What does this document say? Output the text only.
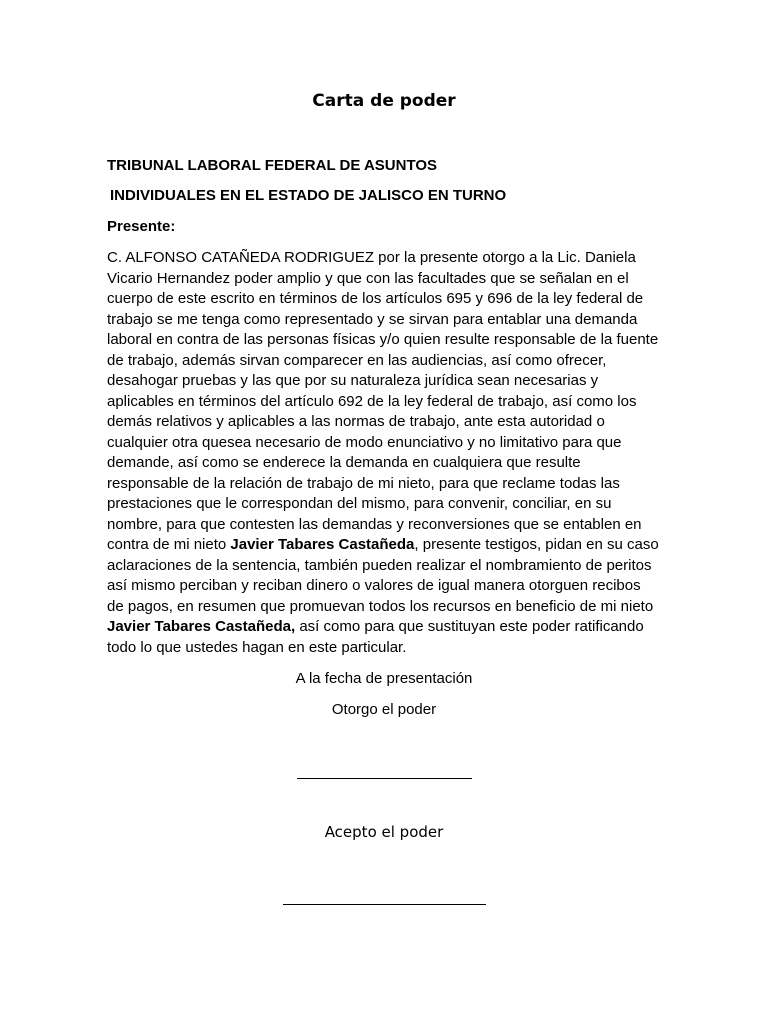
Carta de poder
TRIBUNAL LABORAL FEDERAL DE ASUNTOS
INDIVIDUALES EN EL ESTADO DE JALISCO EN TURNO
Presente:
C. ALFONSO CATAÑEDA RODRIGUEZ por la presente otorgo a la Lic. Daniela
Vicario Hernandez poder amplio y que con las facultades que se señalan en el
cuerpo de este escrito en términos de los artículos 695 y 696 de la ley federal de
trabajo se me tenga como representado y se sirvan para entablar una demanda
laboral en contra de las personas físicas y/o quien resulte responsable de la fuente
de trabajo, además sirvan comparecer en las audiencias, así como ofrecer,
desahogar pruebas y las que por su naturaleza jurídica sean necesarias y
aplicables en términos del artículo 692 de la ley federal de trabajo, así como los
demás relativos y aplicables a las normas de trabajo, ante esta autoridad o
cualquier otra quesea necesario de modo enunciativo y no limitativo para que
demande, así como se enderece la demanda en cualquiera que resulte
responsable de la relación de trabajo de mi nieto, para que reclame todas las
prestaciones que le correspondan del mismo, para convenir, conciliar, en su
nombre, para que contesten las demandas y reconversiones que se entablen en
contra de mi nieto Javier Tabares Castañeda, presente testigos, pidan en su caso
aclaraciones de la sentencia, también pueden realizar el nombramiento de peritos
así mismo perciban y reciban dinero o valores de igual manera otorguen recibos
de pagos, en resumen que promuevan todos los recursos en beneficio de mi nieto
Javier Tabares Castañeda, así como para que sustituyan este poder ratificando
todo lo que ustedes hagan en este particular.
A la fecha de presentación
Otorgo el poder
Acepto el poder
